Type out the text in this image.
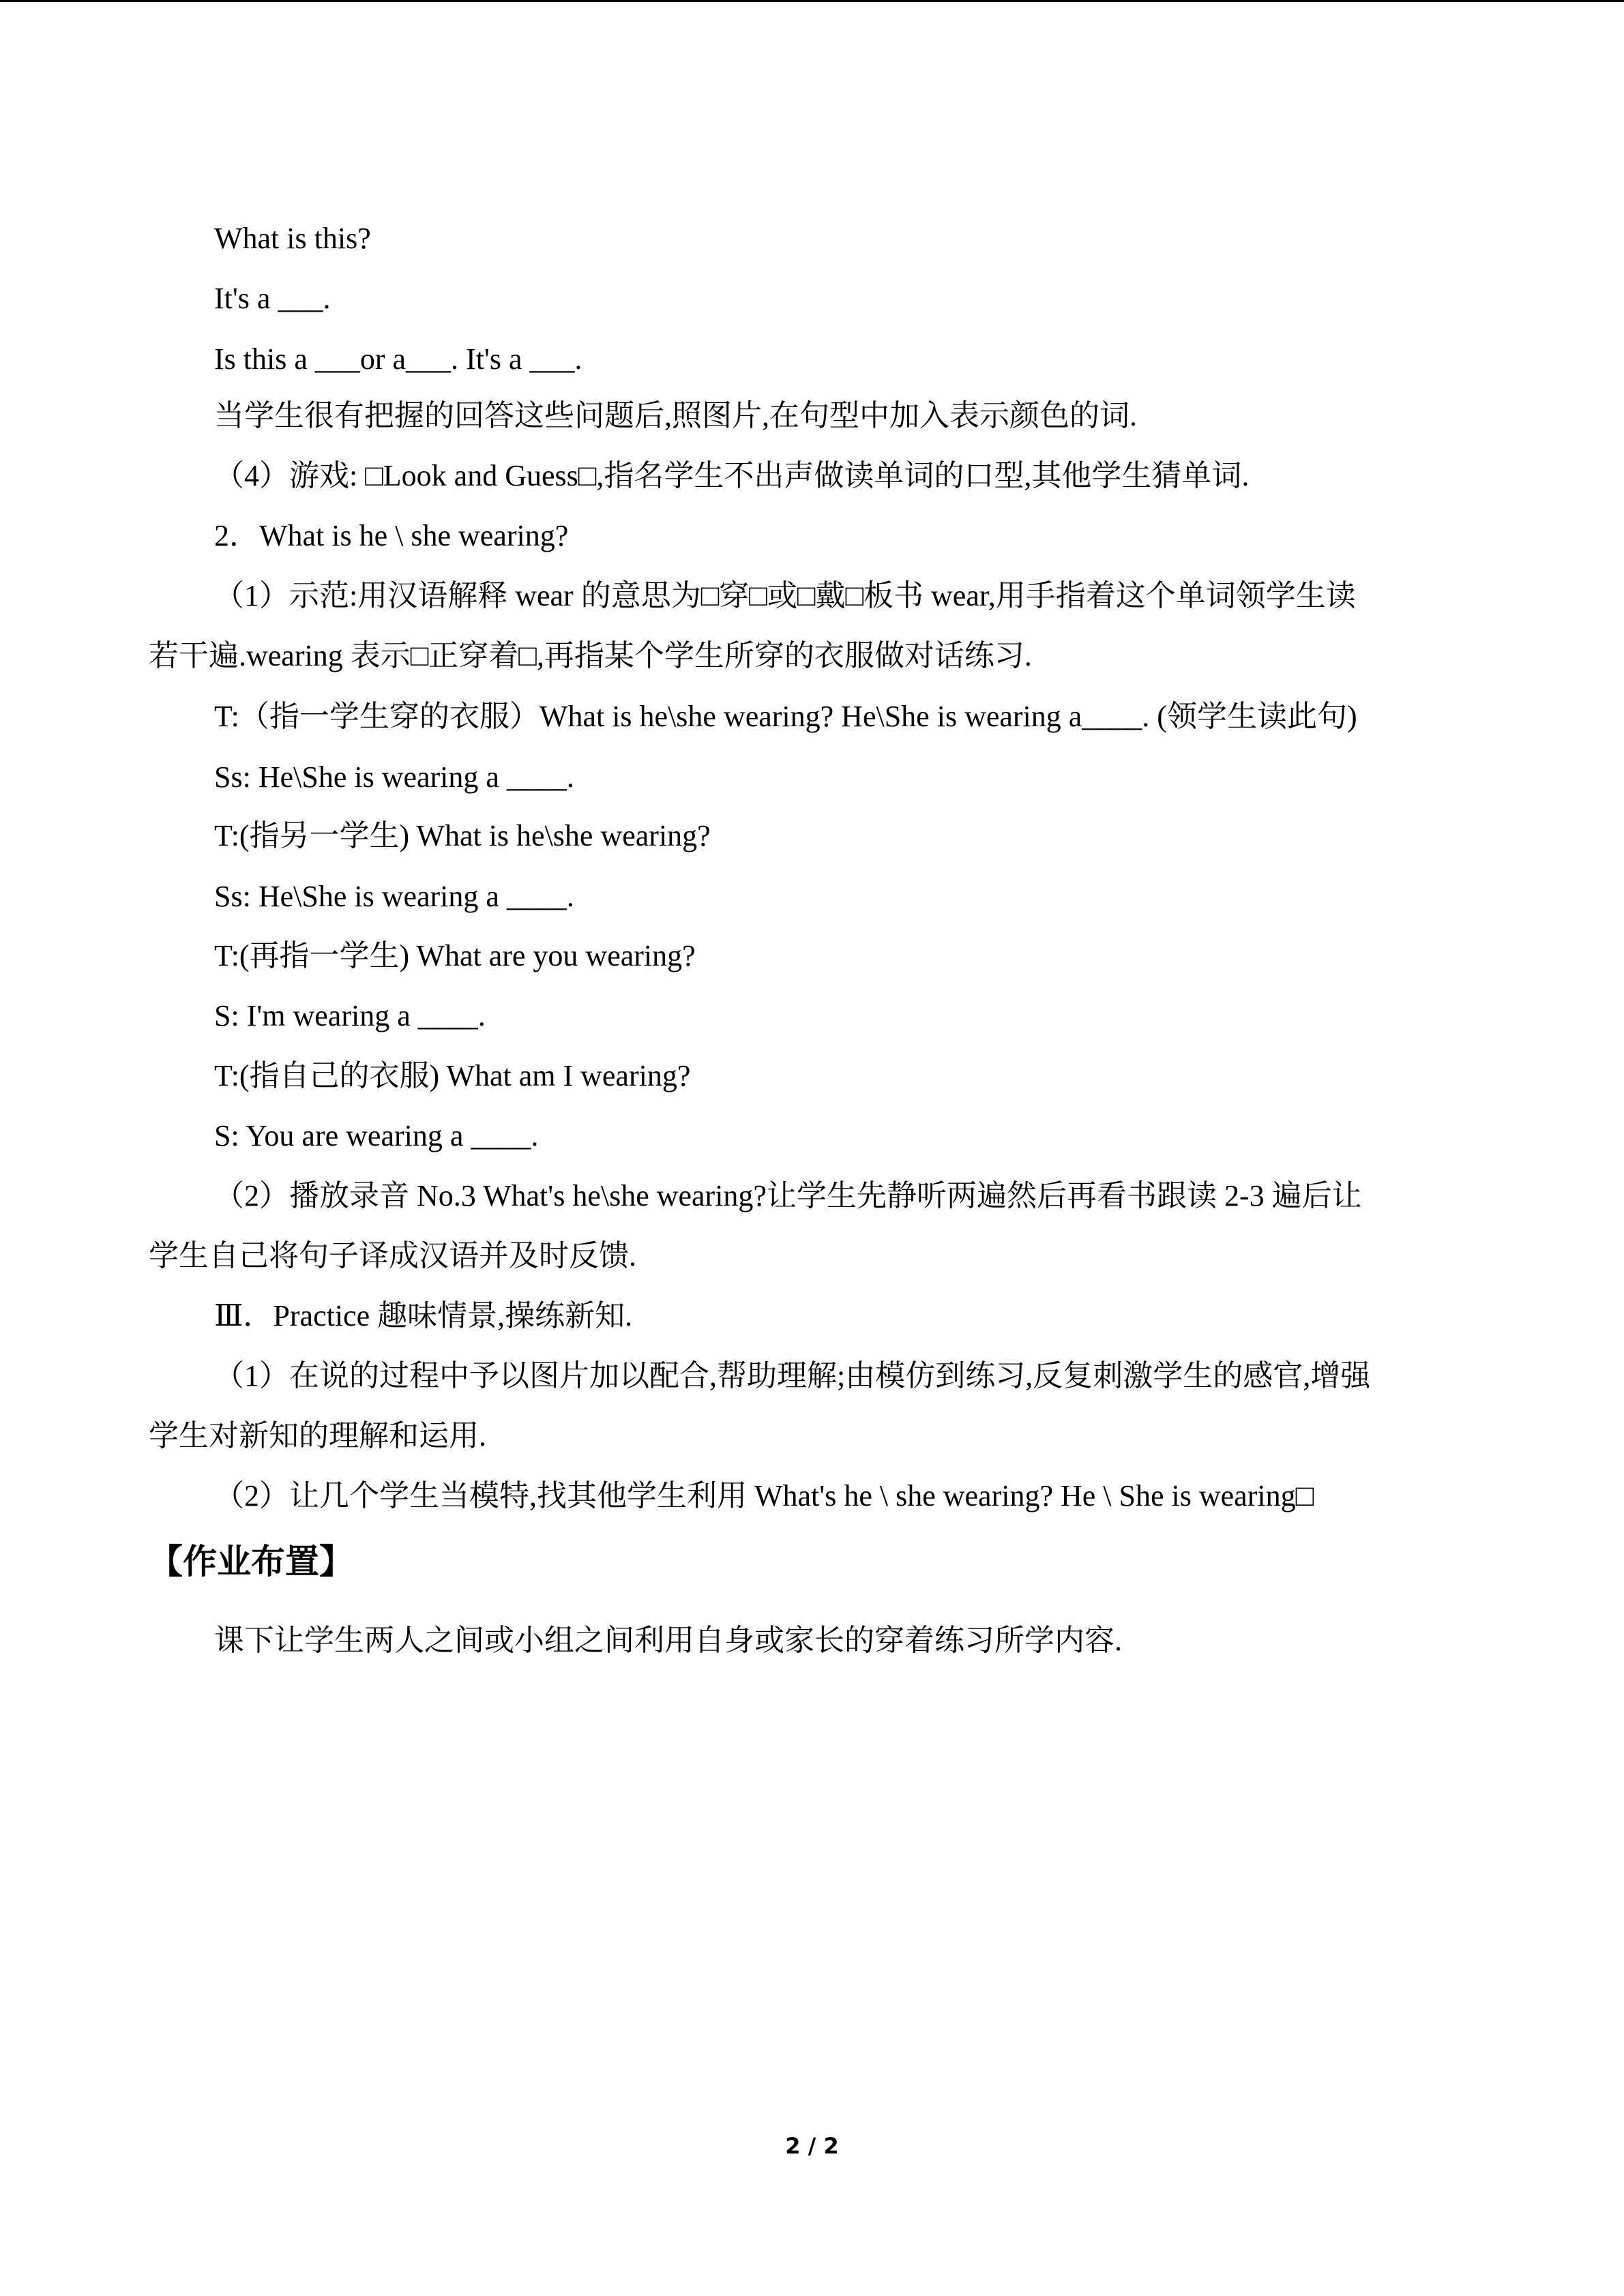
What is this?
It's a ___.
Is this a ___or a___. It's a ___.
当学生很有把握的回答这些问题后,照图片,在句型中加入表示颜色的词.
（4）游戏: □Look and Guess□,指名学生不出声做读单词的口型,其他学生猜单词.
2．What is he \ she wearing?
（1）示范:用汉语解释 wear 的意思为□穿□或□戴□板书 wear,用手指着这个单词领学生读
若干遍.wearing 表示□正穿着□,再指某个学生所穿的衣服做对话练习.
T:（指一学生穿的衣服）What is he\she wearing? He\She is wearing a____. (领学生读此句)
Ss: He\She is wearing a ____.
T:(指另一学生) What is he\she wearing?
Ss: He\She is wearing a ____.
T:(再指一学生) What are you wearing?
S: I'm wearing a ____.
T:(指自己的衣服) What am I wearing?
S: You are wearing a ____.
（2）播放录音 No.3 What's he\she wearing?让学生先静听两遍然后再看书跟读 2-3 遍后让
学生自己将句子译成汉语并及时反馈.
Ⅲ．Practice 趣味情景,操练新知.
（1）在说的过程中予以图片加以配合,帮助理解;由模仿到练习,反复刺激学生的感官,增强
学生对新知的理解和运用.
（2）让几个学生当模特,找其他学生利用 What's he \ she wearing? He \ She is wearing□
【作业布置】
课下让学生两人之间或小组之间利用自身或家长的穿着练习所学内容.
2 / 2
